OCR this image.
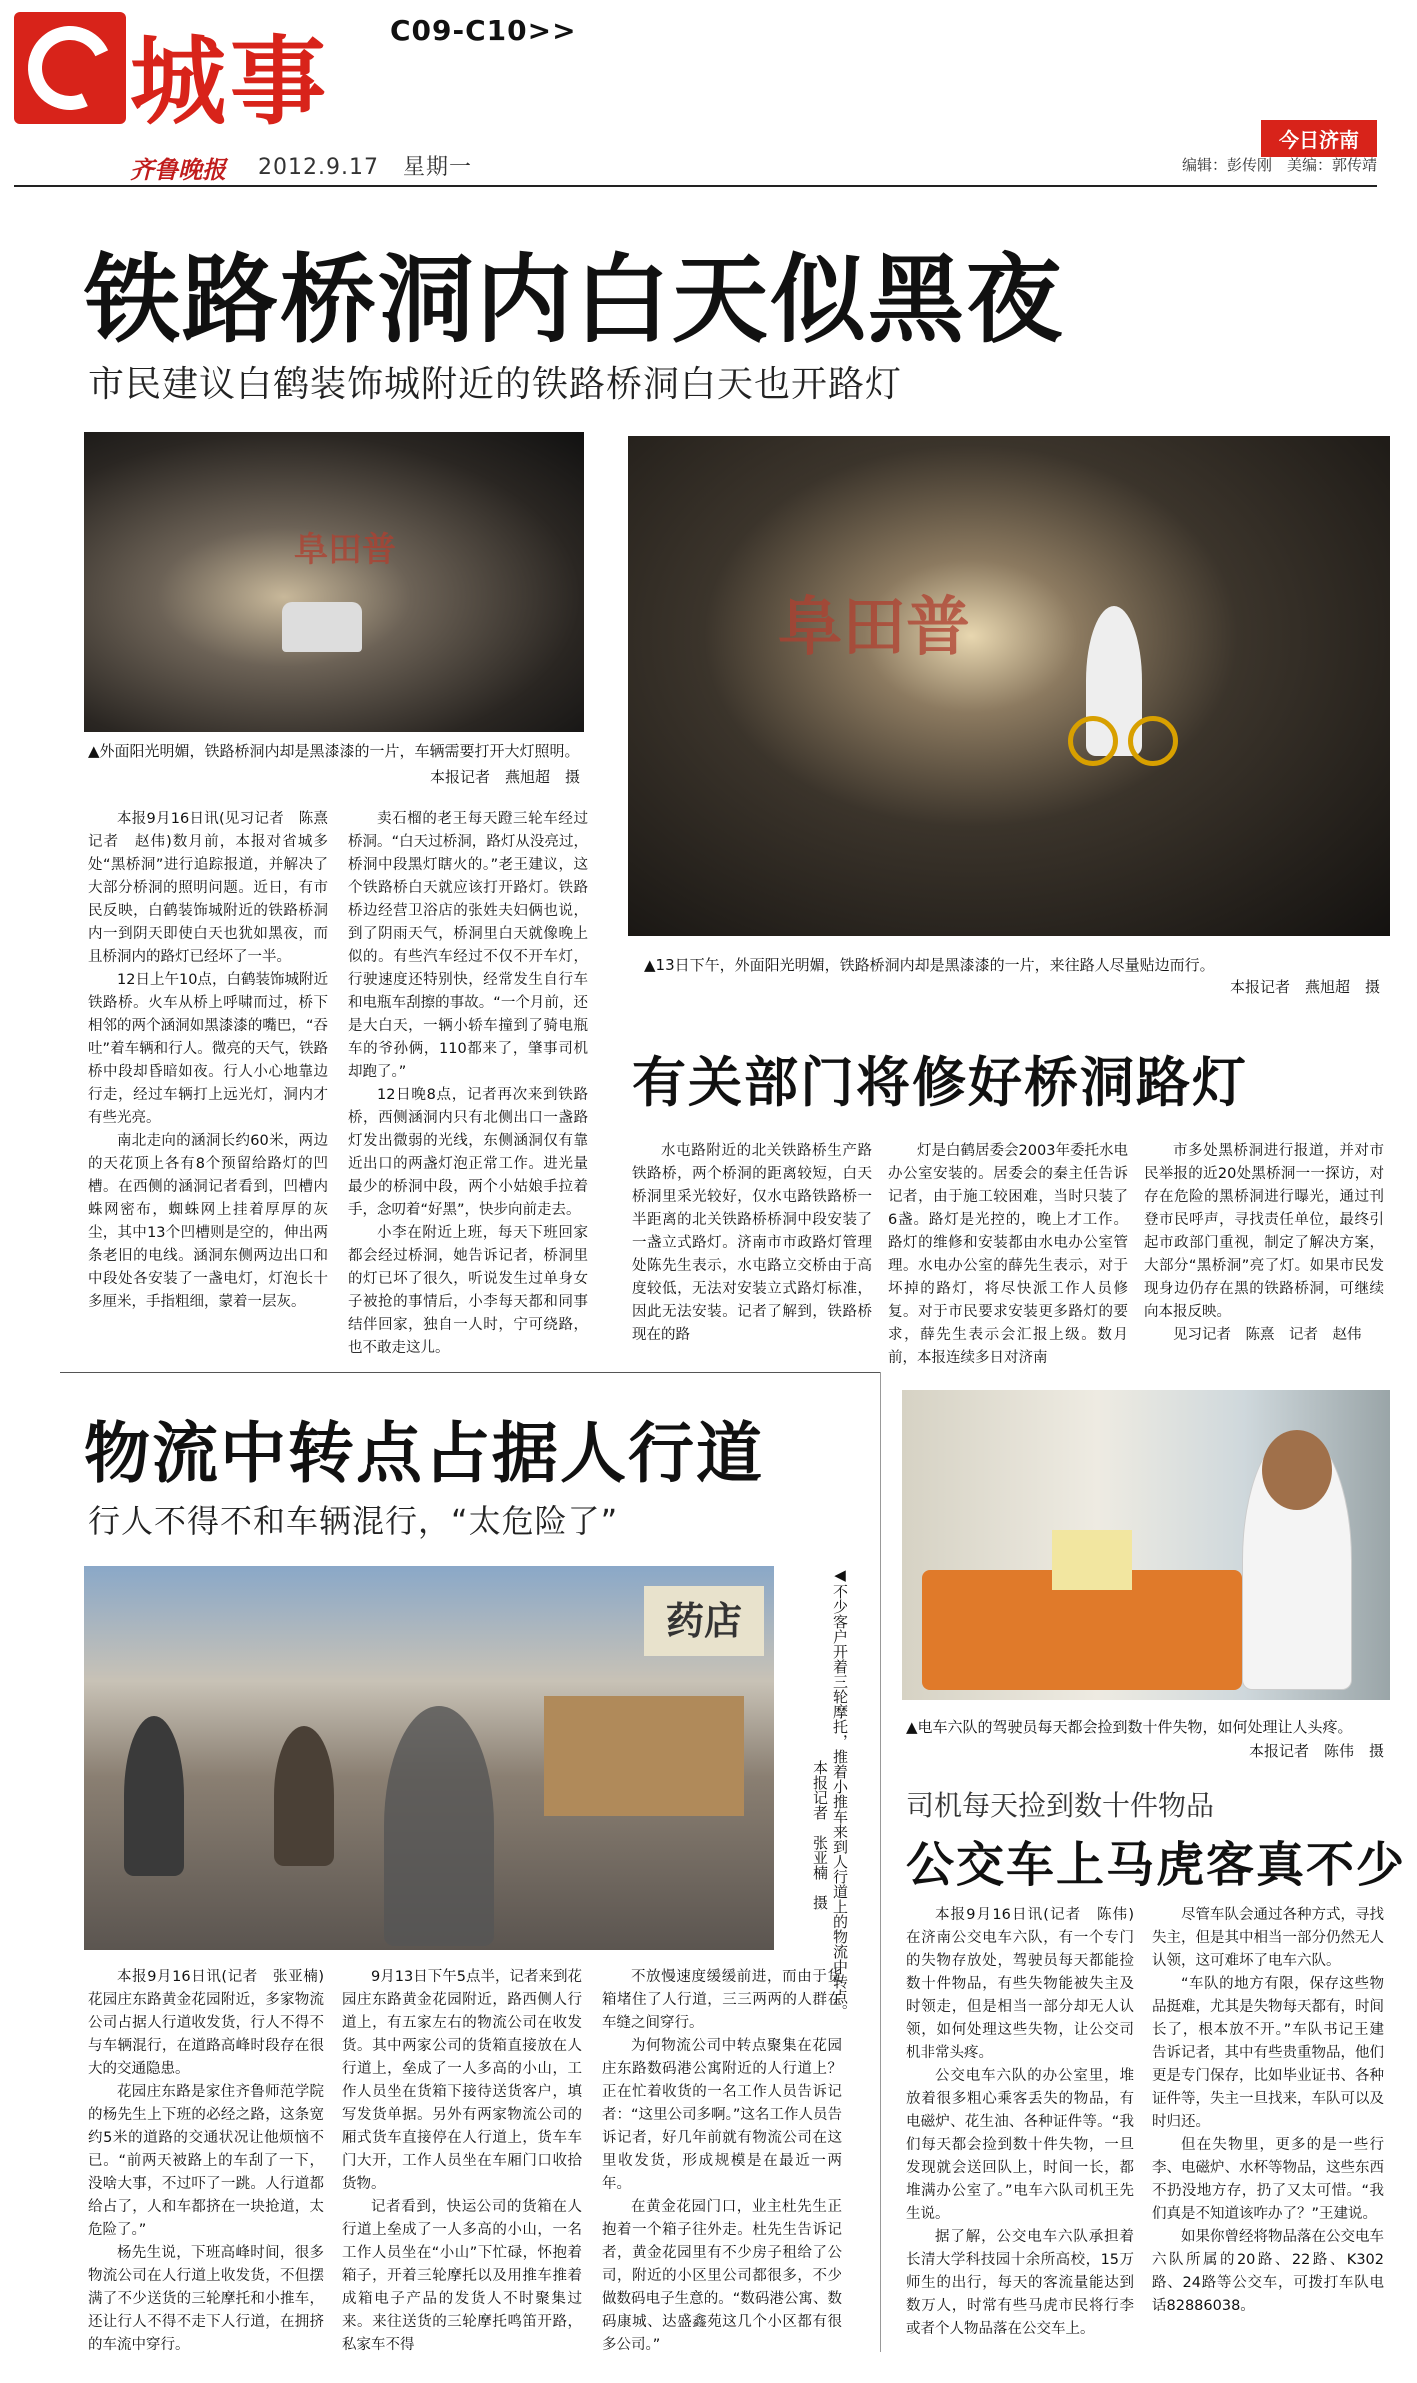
城事 C09-C10>>
今日济南
齐鲁晚报 2012.9.17 星期一	编辑：彭传刚　美编：郭传靖
铁路桥洞内白天似黑夜
市民建议白鹤装饰城附近的铁路桥洞白天也开路灯
阜田普
▲外面阳光明媚，铁路桥洞内却是黑漆漆的一片，车辆需要打开大灯照明。
本报记者　燕旭超　摄
阜田普
▲13日下午，外面阳光明媚，铁路桥洞内却是黑漆漆的一片，来往路人尽量贴边而行。
本报记者　燕旭超　摄

本报9月16日讯(见习记者　陈熹　记者　赵伟)数月前，本报对省城多处“黑桥洞”进行追踪报道，并解决了大部分桥洞的照明问题。近日，有市民反映，白鹤装饰城附近的铁路桥洞内一到阴天即使白天也犹如黑夜，而且桥洞内的路灯已经坏了一半。

12日上午10点，白鹤装饰城附近铁路桥。火车从桥上呼啸而过，桥下相邻的两个涵洞如黑漆漆的嘴巴，“吞吐”着车辆和行人。微亮的天气，铁路桥中段却昏暗如夜。行人小心地靠边行走，经过车辆打上远光灯，洞内才有些光亮。

南北走向的涵洞长约60米，两边的天花顶上各有8个预留给路灯的凹槽。在西侧的涵洞记者看到，凹槽内蛛网密布，蜘蛛网上挂着厚厚的灰尘，其中13个凹槽则是空的，伸出两条老旧的电线。涵洞东侧两边出口和中段处各安装了一盏电灯，灯泡长十多厘米，手指粗细，蒙着一层灰。

卖石榴的老王每天蹬三轮车经过桥洞。“白天过桥洞，路灯从没亮过，桥洞中段黑灯瞎火的。”老王建议，这个铁路桥白天就应该打开路灯。铁路桥边经营卫浴店的张姓夫妇俩也说，到了阴雨天气，桥洞里白天就像晚上似的。有些汽车经过不仅不开车灯，行驶速度还特别快，经常发生自行车和电瓶车刮擦的事故。“一个月前，还是大白天，一辆小轿车撞到了骑电瓶车的爷孙俩，110都来了，肇事司机却跑了。”

12日晚8点，记者再次来到铁路桥，西侧涵洞内只有北侧出口一盏路灯发出微弱的光线，东侧涵洞仅有靠近出口的两盏灯泡正常工作。进光量最少的桥洞中段，两个小姑娘手拉着手，念叨着“好黑”，快步向前走去。

小李在附近上班，每天下班回家都会经过桥洞，她告诉记者，桥洞里的灯已坏了很久，听说发生过单身女子被抢的事情后，小李每天都和同事结伴回家，独自一人时，宁可绕路，也不敢走这儿。

有关部门将修好桥洞路灯

水屯路附近的北关铁路桥生产路铁路桥，两个桥洞的距离较短，白天桥洞里采光较好，仅水屯路铁路桥一半距离的北关铁路桥桥洞中段安装了一盏立式路灯。济南市市政路灯管理处陈先生表示，水屯路立交桥由于高度较低，无法对安装立式路灯标准，因此无法安装。记者了解到，铁路桥现在的路

灯是白鹤居委会2003年委托水电办公室安装的。居委会的秦主任告诉记者，由于施工较困难，当时只装了6盏。路灯是光控的，晚上才工作。路灯的维修和安装都由水电办公室管理。水电办公室的薛先生表示，对于坏掉的路灯，将尽快派工作人员修复。对于市民要求安装更多路灯的要求，薛先生表示会汇报上级。数月前，本报连续多日对济南

市多处黑桥洞进行报道，并对市民举报的近20处黑桥洞一一探访，对存在危险的黑桥洞进行曝光，通过刊登市民呼声，寻找责任单位，最终引起市政部门重视，制定了解决方案，大部分“黑桥洞”亮了灯。如果市民发现身边仍存在黑的铁路桥洞，可继续向本报反映。

见习记者　陈熹　记者　赵伟

物流中转点占据人行道
行人不得不和车辆混行，“太危险了”
药店	◀不少客户开着三轮摩托，推着小推车来到人行道上的物流中转点。
本报记者　张亚楠　摄

本报9月16日讯(记者　张亚楠)　花园庄东路黄金花园附近，多家物流公司占据人行道收发货，行人不得不与车辆混行，在道路高峰时段存在很大的交通隐患。

花园庄东路是家住齐鲁师范学院的杨先生上下班的必经之路，这条宽约5米的道路的交通状况让他烦恼不已。“前两天被路上的车刮了一下，没啥大事，不过吓了一跳。人行道都给占了，人和车都挤在一块抢道，太危险了。”

杨先生说，下班高峰时间，很多物流公司在人行道上收发货，不但摆满了不少送货的三轮摩托和小推车，还让行人不得不走下人行道，在拥挤的车流中穿行。

9月13日下午5点半，记者来到花园庄东路黄金花园附近，路西侧人行道上，有五家左右的物流公司在收发货。其中两家公司的货箱直接放在人行道上，垒成了一人多高的小山，工作人员坐在货箱下接待送货客户，填写发货单据。另外有两家物流公司的厢式货车直接停在人行道上，货车车门大开，工作人员坐在车厢门口收拾货物。

记者看到，快运公司的货箱在人行道上垒成了一人多高的小山，一名工作人员坐在“小山”下忙碌，怀抱着箱子，开着三轮摩托以及用推车推着成箱电子产品的发货人不时聚集过来。来往送货的三轮摩托鸣笛开路，私家车不得

不放慢速度缓缓前进，而由于货箱堵住了人行道，三三两两的人群在车缝之间穿行。

为何物流公司中转点聚集在花园庄东路数码港公寓附近的人行道上？正在忙着收货的一名工作人员告诉记者：“这里公司多啊。”这名工作人员告诉记者，好几年前就有物流公司在这里收发货，形成规模是在最近一两年。

在黄金花园门口，业主杜先生正抱着一个箱子往外走。杜先生告诉记者，黄金花园里有不少房子租给了公司，附近的小区里公司都很多，不少做数码电子生意的。“数码港公寓、数码康城、达盛鑫苑这几个小区都有很多公司。”

▲电车六队的驾驶员每天都会捡到数十件失物，如何处理让人头疼。
本报记者　陈伟　摄
司机每天捡到数十件物品
公交车上马虎客真不少

本报9月16日讯(记者　陈伟)　在济南公交电车六队，有一个专门的失物存放处，驾驶员每天都能捡数十件物品，有些失物能被失主及时领走，但是相当一部分却无人认领，如何处理这些失物，让公交司机非常头疼。

公交电车六队的办公室里，堆放着很多粗心乘客丢失的物品，有电磁炉、花生油、各种证件等。“我们每天都会捡到数十件失物，一旦发现就会送回队上，时间一长，都堆满办公室了。”电车六队司机王先生说。

据了解，公交电车六队承担着长清大学科技园十余所高校，15万师生的出行，每天的客流量能达到数万人，时常有些马虎市民将行李或者个人物品落在公交车上。

尽管车队会通过各种方式，寻找失主，但是其中相当一部分仍然无人认领，这可难坏了电车六队。

“车队的地方有限，保存这些物品挺难，尤其是失物每天都有，时间长了，根本放不开。”车队书记王建告诉记者，其中有些贵重物品，他们更是专门保存，比如毕业证书、各种证件等，失主一旦找来，车队可以及时归还。

但在失物里，更多的是一些行李、电磁炉、水杯等物品，这些东西不扔没地方存，扔了又太可惜。“我们真是不知道该咋办了？”王建说。

如果你曾经将物品落在公交电车六队所属的20路、22路、K302路、24路等公交车，可拨打车队电话82886038。
